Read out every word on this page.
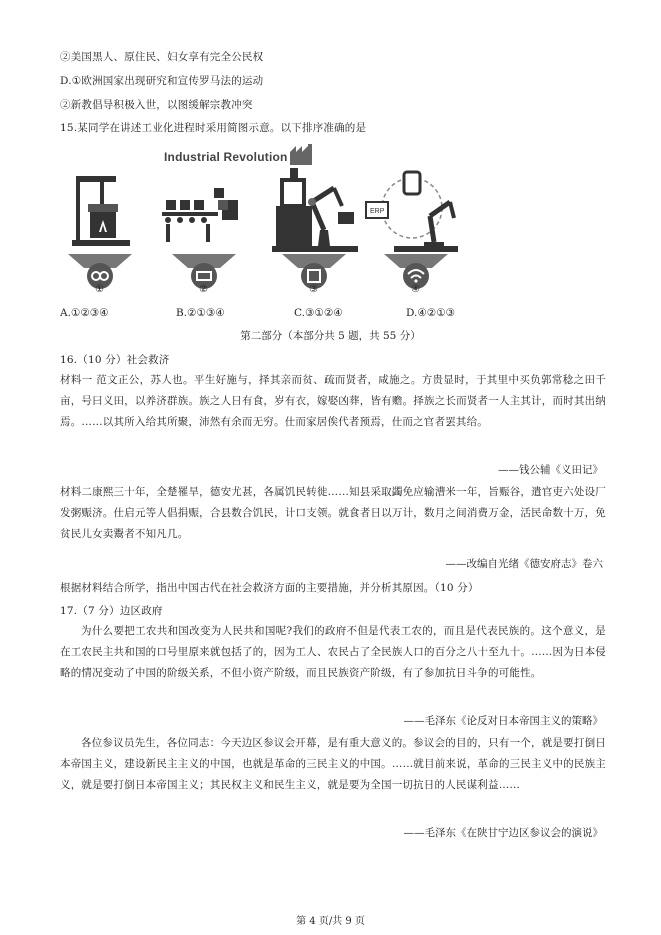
②美国黑人、原住民、妇女享有完全公民权
D.①欧洲国家出现研究和宣传罗马法的运动
②新教倡导积极入世，以图缓解宗教冲突
15.某同学在讲述工业化进程时采用简图示意。以下排序准确的是
Industrial Revolution
ERP
①	②	③	④
A.①②③④	B.②①③④	C.③①②④	D.④②①③
第二部分（本部分共 5 题，共 55 分）
16.（10 分）社会救济
材料一 范文正公，苏人也。平生好施与，择其亲而贫、疏而贤者，咸施之。方贵显时，于其里中买负郭常稔之田千亩，号曰义田，以养济群族。族之人日有食，岁有衣，嫁娶凶葬，皆有赡。择族之长而贤者一人主其计，而时其出纳焉。……以其所入给其所聚，沛然有余而无穷。仕而家居俟代者预焉，仕而之官者罢其给。
——钱公辅《义田记》
材料二康熙三十年，全楚罹旱，德安尤甚，各属饥民转徙……知县采取蠲免应输漕米一年，旨赈谷，遣官吏六处设厂发粥赈济。仕启元等人倡捐赈，合县数合饥民，计口支领。就食者日以万计，数月之间消费万金，活民命数十万，免贫民儿女卖鬻者不知凡几。
——改编自光绪《德安府志》卷六
根据材料结合所学，指出中国古代在社会救济方面的主要措施，并分析其原因。（10 分）
17.（7 分）边区政府
为什么要把工农共和国改变为人民共和国呢?我们的政府不但是代表工农的，而且是代表民族的。这个意义，是在工农民主共和国的口号里原来就包括了的，因为工人、农民占了全民族人口的百分之八十至九十。……因为日本侵略的情况变动了中国的阶级关系，不但小资产阶级，而且民族资产阶级，有了参加抗日斗争的可能性。
——毛泽东《论反对日本帝国主义的策略》
各位参议员先生，各位同志：今天边区参议会开幕，是有重大意义的。参议会的目的，只有一个，就是要打倒日本帝国主义，建设新民主主义的中国，也就是革命的三民主义的中国。……就目前来说，革命的三民主义中的民族主义，就是要打倒日本帝国主义；其民权主义和民生主义，就是要为全国一切抗日的人民谋利益……
——毛泽东《在陕甘宁边区参议会的演说》
第 4 页/共 9 页
